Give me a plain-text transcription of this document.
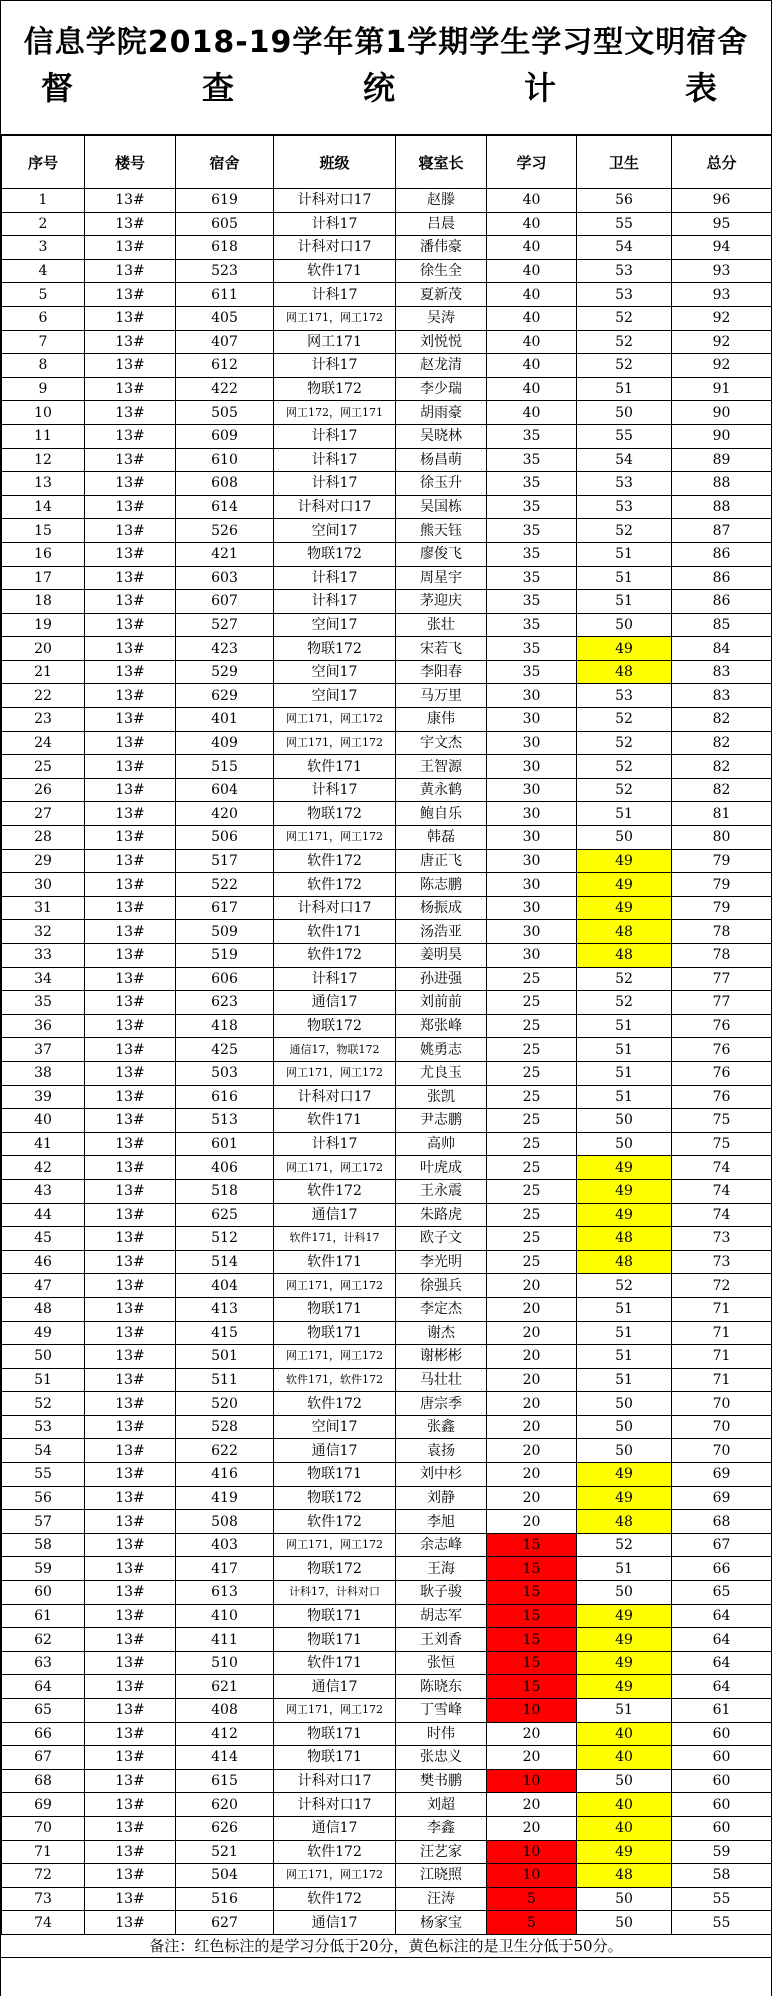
信息学院2018-19学年第1学期学生学习型文明宿舍
督	查	统	计	表
序号	楼号	宿舍	班级	寝室长	学习	卫生	总分
1	13#	619	计科对口17	赵滕	40	56	96
2	13#	605	计科17	吕晨	40	55	95
3	13#	618	计科对口17	潘伟豪	40	54	94
4	13#	523	软件171	徐生全	40	53	93
5	13#	611	计科17	夏新茂	40	53	93
6	13#	405	网工171，网工172	吴涛	40	52	92
7	13#	407	网工171	刘悦悦	40	52	92
8	13#	612	计科17	赵龙清	40	52	92
9	13#	422	物联172	李少瑞	40	51	91
10	13#	505	网工172，网工171	胡雨豪	40	50	90
11	13#	609	计科17	吴晓林	35	55	90
12	13#	610	计科17	杨昌萌	35	54	89
13	13#	608	计科17	徐玉升	35	53	88
14	13#	614	计科对口17	吴国栋	35	53	88
15	13#	526	空间17	熊天钰	35	52	87
16	13#	421	物联172	廖俊飞	35	51	86
17	13#	603	计科17	周星宇	35	51	86
18	13#	607	计科17	茅迎庆	35	51	86
19	13#	527	空间17	张壮	35	50	85
20	13#	423	物联172	宋若飞	35	49	84
21	13#	529	空间17	李阳春	35	48	83
22	13#	629	空间17	马万里	30	53	83
23	13#	401	网工171，网工172	康伟	30	52	82
24	13#	409	网工171，网工172	宇文杰	30	52	82
25	13#	515	软件171	王智源	30	52	82
26	13#	604	计科17	黄永鹤	30	52	82
27	13#	420	物联172	鲍自乐	30	51	81
28	13#	506	网工171，网工172	韩磊	30	50	80
29	13#	517	软件172	唐正飞	30	49	79
30	13#	522	软件172	陈志鹏	30	49	79
31	13#	617	计科对口17	杨振成	30	49	79
32	13#	509	软件171	汤浩亚	30	48	78
33	13#	519	软件172	姜明昊	30	48	78
34	13#	606	计科17	孙进强	25	52	77
35	13#	623	通信17	刘前前	25	52	77
36	13#	418	物联172	郑张峰	25	51	76
37	13#	425	通信17，物联172	姚勇志	25	51	76
38	13#	503	网工171，网工172	尤良玉	25	51	76
39	13#	616	计科对口17	张凯	25	51	76
40	13#	513	软件171	尹志鹏	25	50	75
41	13#	601	计科17	高帅	25	50	75
42	13#	406	网工171，网工172	叶虎成	25	49	74
43	13#	518	软件172	王永震	25	49	74
44	13#	625	通信17	朱路虎	25	49	74
45	13#	512	软件171，计科17	欧子文	25	48	73
46	13#	514	软件171	李光明	25	48	73
47	13#	404	网工171，网工172	徐强兵	20	52	72
48	13#	413	物联171	李定杰	20	51	71
49	13#	415	物联171	谢杰	20	51	71
50	13#	501	网工171，网工172	谢彬彬	20	51	71
51	13#	511	软件171，软件172	马壮壮	20	51	71
52	13#	520	软件172	唐宗季	20	50	70
53	13#	528	空间17	张鑫	20	50	70
54	13#	622	通信17	袁扬	20	50	70
55	13#	416	物联171	刘中杉	20	49	69
56	13#	419	物联172	刘静	20	49	69
57	13#	508	软件172	李旭	20	48	68
58	13#	403	网工171，网工172	余志峰	15	52	67
59	13#	417	物联172	王海	15	51	66
60	13#	613	计科17，计科对口	耿子骏	15	50	65
61	13#	410	物联171	胡志军	15	49	64
62	13#	411	物联171	王刘香	15	49	64
63	13#	510	软件171	张恒	15	49	64
64	13#	621	通信17	陈晓东	15	49	64
65	13#	408	网工171，网工172	丁雪峰	10	51	61
66	13#	412	物联171	时伟	20	40	60
67	13#	414	物联171	张忠义	20	40	60
68	13#	615	计科对口17	樊书鹏	10	50	60
69	13#	620	计科对口17	刘超	20	40	60
70	13#	626	通信17	李鑫	20	40	60
71	13#	521	软件172	汪艺家	10	49	59
72	13#	504	网工171，网工172	江晓照	10	48	58
73	13#	516	软件172	汪涛	5	50	55
74	13#	627	通信17	杨家宝	5	50	55
备注：红色标注的是学习分低于20分，黄色标注的是卫生分低于50分。
